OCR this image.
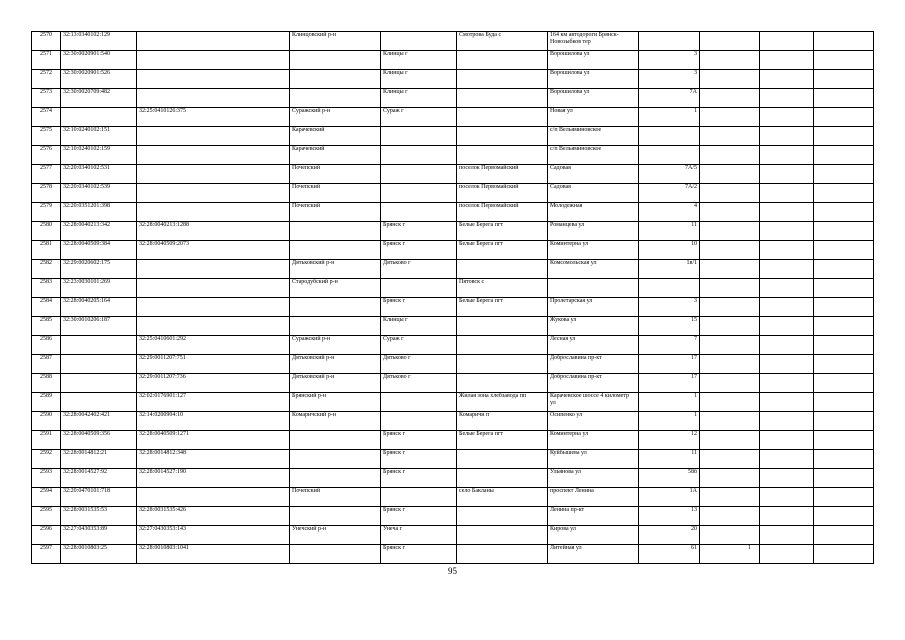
2570	32:13:0340102:129		Клинцовский р-н		Смотрова Буда с	164 км автодороги Брянск-Новозыбков тер				
2571	32:30:0020901:540			Клинцы г		Ворошилова ул	3			
2572	32:30:0020901:526			Клинцы г		Ворошилова ул	3			
2573	32:30:0020709:482			Клинцы г		Ворошилова ул	7А			
2574		32:25:0410126:375	Суражский р-н	Сураж г		Новая ул	1			
2575	32:10:0240102:151		Карачевский			с/п Вельяминовское				
2576	32:10:0240102:159		Карачевский			с/п Вельяминовское				
2577	32:20:0340102:531		Почепский		поселок Первомайский	Садовая	7А/5			
2578	32:20:0340102:539		Почепский		поселок Первомайский	Садовая	7А/2			
2579	32:20:0351201:398		Почепский		поселок Первомайский	Молодежная	4			
2580	32:28:0040213:342	32:28:0040213:1288		Брянск г	Белые Берега пгт	Романцева ул	11			
2581	32:28:0040509:384	32:28:0040509:2073		Брянск г	Белые Берега пгт	Коминтерна ул	10			
2582	32:29:0020602:175		Дятьковский р-н	Дятьково г		Комсомольская ул	1в/1			
2583	32:23:0030101:269		Стародубский р-н		Пятовск с					
2584	32:28:0040205:164			Брянск г	Белые Берега пгт	Пролетарская ул	3			
2585	32:30:0010206:187			Клинцы г		Жукова ул	15			
2586		32:25:0410601:292	Суражский р-н	Сураж г		Лесная ул	7			
2587		32:29:0011207:751	Дятьковский р-н	Дятьково г		Доброславина пр-кт	17			
2588		32:29:0011207:736	Дятьковский р-н	Дятьково г		Доброславина пр-кт	17			
2589		32:02:0176901:127	Брянский р-н		Жилая зона хлебзавода пп	Карачевское шоссе 4 километр ул	1			
2590	32:28:0042402:421	32:14:0200904:10	Комаричский р-н		Комаричи п	Осипенко ул	1			
2591	32:28:0040509:356	32:28:0040509:1271		Брянск г	Белые Берега пгт	Коминтерна ул	12			
2592	32:28:0014812:21	32:28:0014812:348		Брянск г		Куйбышева ул	11			
2593	32:28:0014527:92	32:28:0014527:190		Брянск г		Ульянова ул	58б			
2594	32:20:0470101:718		Почепский		село Бакланы	проспект Ленина	1А			
2595	32:28:0031535:53	32:28:0031535:426		Брянск г		Ленина пр-кт	13			
2596	32:27:0430353:89	32:27:0430353:143	Унечский р-н	Унеча г		Кирова ул	20			
2597	32:28:0010803:25	32:28:0010803:1041		Брянск г		Литейная ул	61	1		
95
